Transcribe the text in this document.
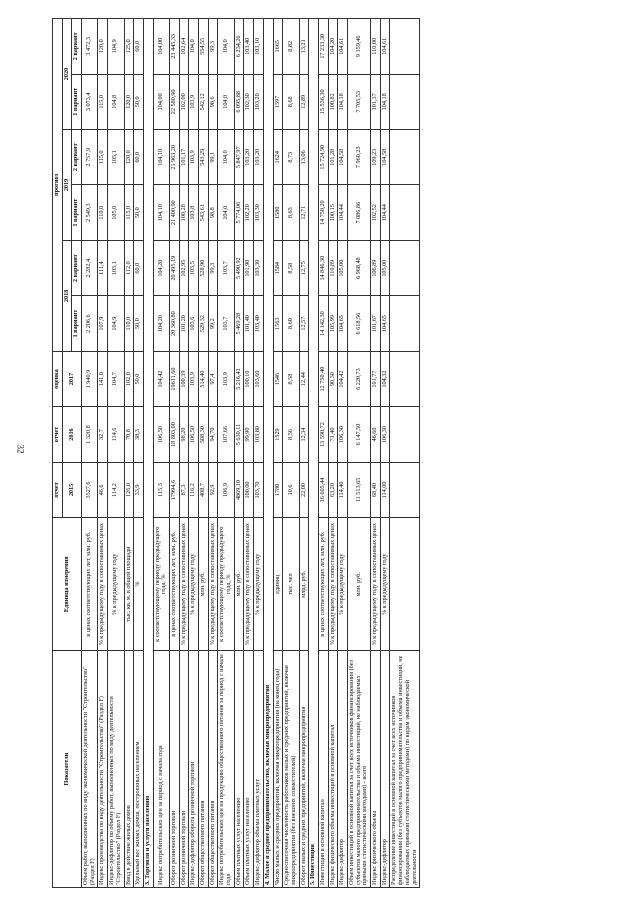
32
Показатели	Единица измерения	отчет	отчет	оценка	прогноз					
		2015	2016	2017	2018		2019		2020	
					1 вариант	2 вариант	1 вариант	2 вариант	1 вариант	2 вариант
Объем работ, выполненных по виду экономической деятельности "Строительство" (Раздел F)	в ценах соответствующих лет, млн. руб.	3527,6	1 320,8	1 940,9	2 206,6	2 282,4	2 549,3	2 757,9	3 073,4	3 472,3
Индекс производства по виду деятельности "Строительство" (Раздел F)	% к предыдущему году в сопоставимых ценах	46,6	32,7	141,0	107,9	111,4	110,0	115,0	115,0	120,0
Индекс-дефлятор по объему работ, выполненных по виду деятельности "Строительство" (Раздел F)	% к предыдущему году	114,2	114,6	104,7	104,9	103,1	105,0	105,1	104,8	104,9
Ввод в действие жилых домов	тыс. кв. м. в общей площади	126,0	70,8	102,0	110,0	112,0	115,0	120,0	120,0	125,0
Удельный вес жилых домов, построенных населением	%	33,9	38,3	50,0	50,0	60,0	50,0	60,0	50,0	60,0
3. Торговля и услуги населению										
Индекс потребительских цен за период с начала года	к соответствующему периоду предыдущего года, %	115,3	106,50	104,42	104,20	104,20	104,10	104,10	104,00	104,00
Оборот розничной торговли	в ценах соответствующих лет, млн. руб.	17994,6	18 803,00	19611,60	20 360,80	20 495,19	21 400,90	21 963,20	22 580,90	23 445,33
Оборот розничной торговли	% к предыдущему году в сопоставимых ценах	87,3	98,20	100,39	101,20	102,95	100,28	101,17	102,00	102,64
Индекс-дефлятор оборота розничной торговли	% к предыдущему году	116,2	106,50	103,9	103,6	103,5	103,8	103,9	103,9	104,0
Оборот общественного питания	млн. руб.	408,7	508,30	514,40	529,32	528,90	543,61	543,29	542,12	554,55
Оборот общественного питания	% к предыдущему году в сопоставимых ценах	92,9	94,70	97,4	99,2	99,3	98,8	99,1	98,6	99,3
Индекс потребительских цен на продукцию общественного питания за период с начала года	к соответствующему периоду предыдущего года, %	106,9	107,66	103,9	103,7	103,7	104,0	104,0	104,0	104,0
Объем платных услуг населению	млн. руб.	4869,10	5 630,11	5 216,41	5 469,28	5 490,92	5 774,06	5 847,97	6 095,88	6 234,26
Объем платных услуг населению	% к предыдущему году в сопоставимых ценах	100,00	99,90	100,10	101,40	101,90	102,20	103,20	102,30	103,40
Индекс-дефлятор объема платных услуг	% к предыдущему году	103,70	103,80	103,60	103,40	103,30	103,30	103,20	103,20	103,10
4. Малое и среднее предпринимательство, включая микропредприятия										
Число малых и средних предприятий, включая микропредприятия (на конец года)	единиц	1780	1529	1546	1563	1584	1580	1624	1597	1665
Среднесписочная численность работников малых и средних предприятий, включая микропредприятия (без внешних совместителей)	тыс. чел	10,6	8,56	8,58	8,60	8,58	8,63	8,73	8,68	8,82
Оборот малых и средних предприятий, включая микропредприятия	млрд. руб.	22,00	12,34	12,44	12,57	12,75	12,71	13,06	12,89	13,21
5. Инвестиции										
Инвестиции в основной капитал	в ценах соответствующих лет, млн. руб.	16 605,44	13 590,72	12 750,40	14 142,30	14 846,30	14 750,20	15 724,90	15 536,30	17 233,30
Индекс физического объема инвестиций в основной капитал	% к предыдущему году в сопоставимых ценах	63,20	71,40	90,30	105,99	110,89	100,15	101,28	100,82	104,20
Индекс-дефлятор	% к предыдущему году	114,40	106,30	104,42	104,65	105,00	104,44	104,58	104,18	104,61
Объем инвестиций в основной капитал за счет всех источников финансирования (без субъектов малого предпринимательства и объема инвестиций, не наблюдаемых прямыми статистическими методами) - всего	млн. руб.	11 513,65	6 147,50	6 220,73	6 618,56	6 968,48	7 086,86	7 960,23	7 705,53	9 159,46
Индекс физического объема	% к предыдущему году в сопоставимых ценах	68,40	46,60	101,77	101,67	106,89	102,52	109,23	101,37	110,00
Индекс-дефлятор	% к предыдущему году	114,00	106,30	104,32	104,65	105,00	104,44	104,58	104,18	104,61
Распределение инвестиций в основной капитал за счет всех источников финансирования (без субъектов малого предпринимательства и объема инвестиций, не наблюдаемых прямыми статистическими методами) по видам экономической деятельности										
